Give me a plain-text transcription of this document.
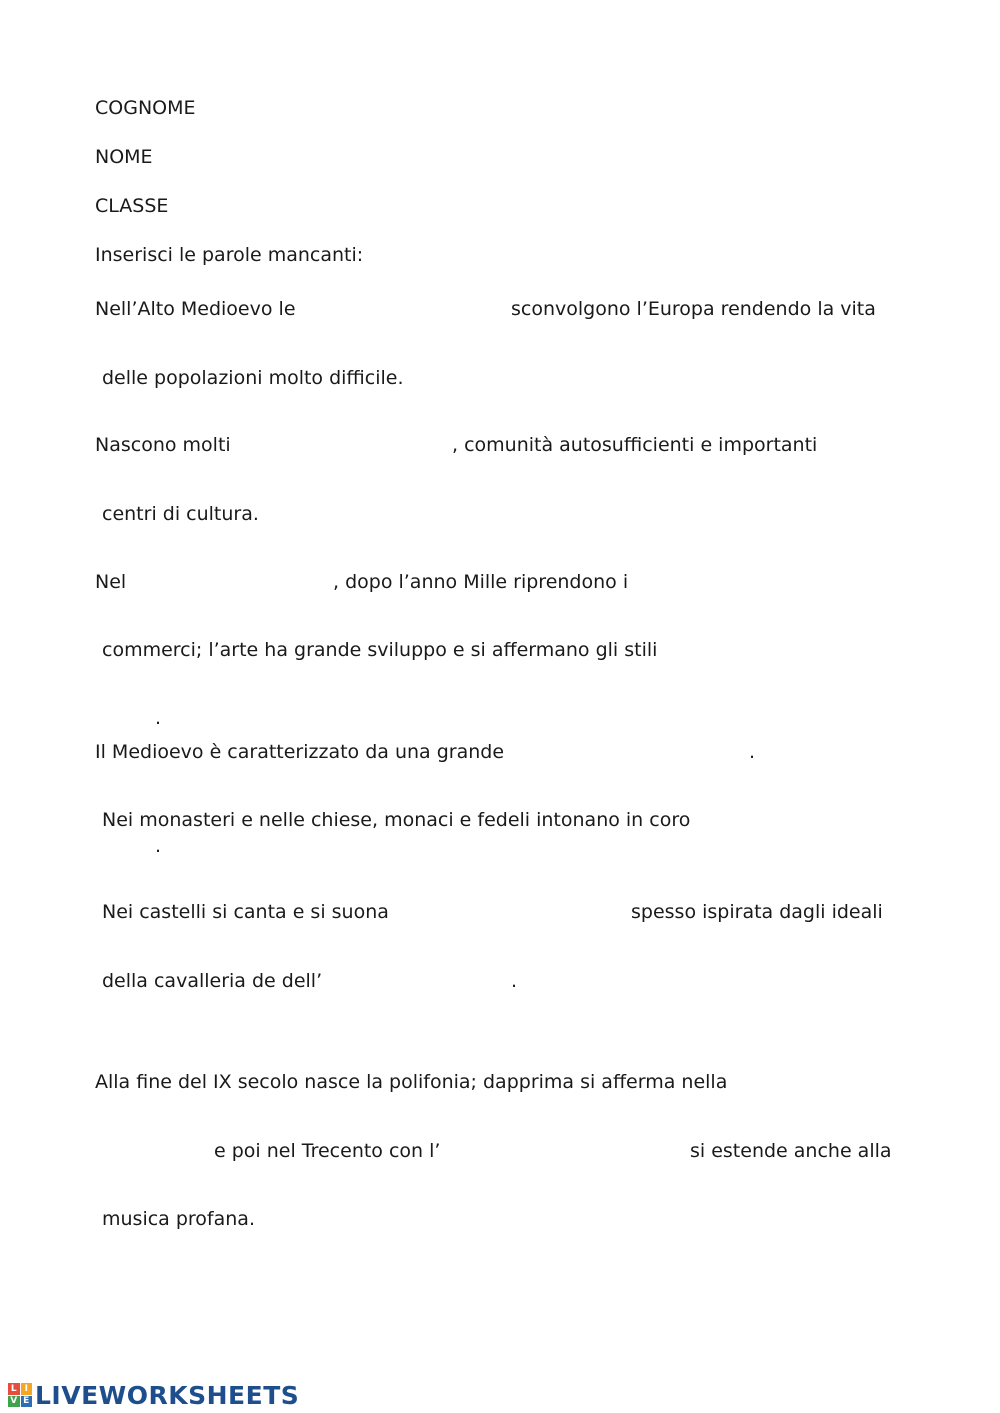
COGNOME
NOME
CLASSE
Inserisci le parole mancanti:
Nell’Alto Medioevo le	sconvolgono l’Europa rendendo la vita
delle popolazioni molto difficile.
Nascono molti	, comunità autosufficienti e importanti
centri di cultura.
Nel	, dopo l’anno Mille riprendono i
commerci; l’arte ha grande sviluppo e si affermano gli stili
.
Il Medioevo è caratterizzato da una grande	.
Nei monasteri e nelle chiese, monaci e fedeli intonano in coro
.
Nei castelli si canta e si suona	spesso ispirata dagli ideali
della cavalleria de dell’	.
Alla fine del IX secolo nasce la polifonia; dapprima si afferma nella
e poi nel Trecento con l’	si estende anche alla
musica profana.
L I
V E LIVEWORKSHEETS
